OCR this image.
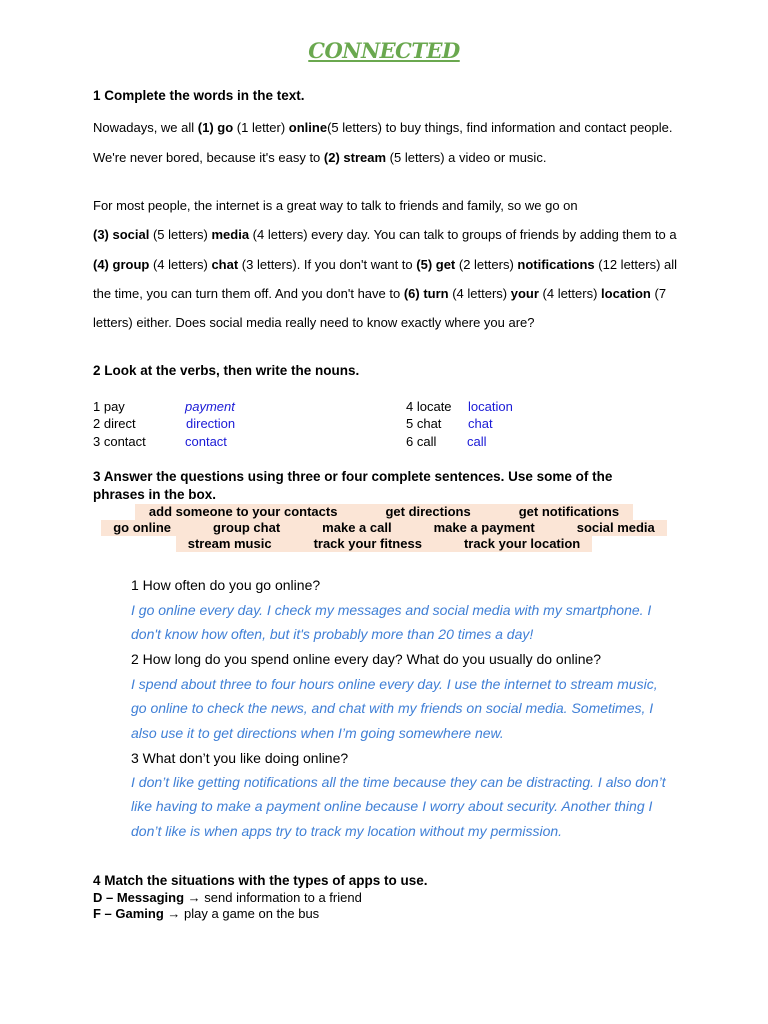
CONNECTED
1 Complete the words in the text.
Nowadays, we all (1) go (1 letter) online(5 letters) to buy things, find information and contact people.
We're never bored, because it's easy to (2) stream (5 letters) a video or music.
For most people, the internet is a great way to talk to friends and family, so we go on
(3) social (5 letters) media (4 letters) every day. You can talk to groups of friends by adding them to a
(4) group (4 letters) chat (3 letters). If you don't want to (5) get (2 letters) notifications (12 letters) all
the time, you can turn them off. And you don't have to (6) turn (4 letters) your (4 letters) location (7
letters) either. Does social media really need to know exactly where you are?
2 Look at the verbs, then write the nouns.
1 pay	payment
2 direct	direction
3 contact	contact
4 locate location
5 chat chat
6 call call
3 Answer the questions using three or four complete sentences. Use some of the
phrases in the box.
add someone to your contacts	get directions	get notifications
go online	group chat	make a call	make a payment	social media
stream music	track your fitness	track your location
1 How often do you go online?
I go online every day. I check my messages and social media with my smartphone. I
don't know how often, but it's probably more than 20 times a day!
2 How long do you spend online every day? What do you usually do online?
I spend about three to four hours online every day. I use the internet to stream music,
go online to check the news, and chat with my friends on social media. Sometimes, I
also use it to get directions when I’m going somewhere new.
3 What don’t you like doing online?
I don’t like getting notifications all the time because they can be distracting. I also don’t
like having to make a payment online because I worry about security. Another thing I
don’t like is when apps try to track my location without my permission.
4 Match the situations with the types of apps to use.
D – Messaging → send information to a friend
F – Gaming → play a game on the bus
